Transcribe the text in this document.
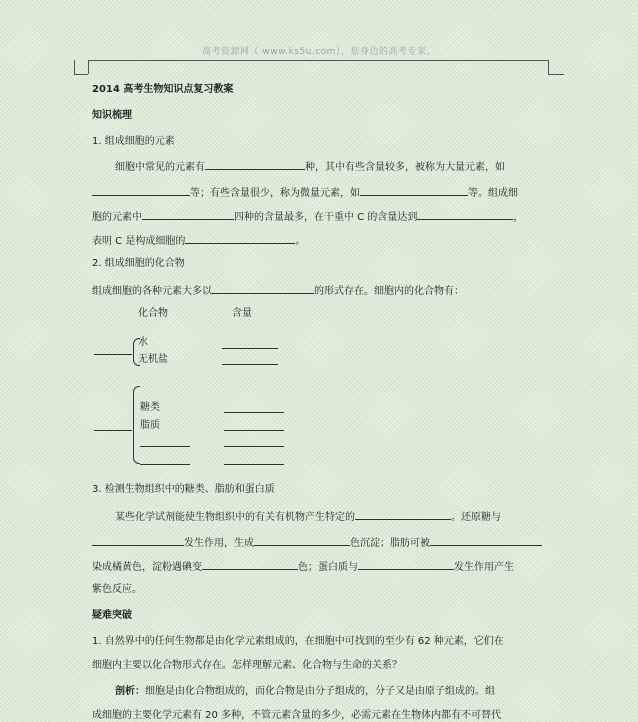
高考资源网（ www.ks5u.com），您身边的高考专家。
2014 高考生物知识点复习教案
知识梳理
1. 组成细胞的元素
细胞中常见的元素有	种，其中有些含量较多，被称为大量元素，如
等；有些含量很少，称为微量元素，如	等。组成细
胞的元素中	四种的含量最多，在干重中 C 的含量达到	，
表明 C 是构成细胞的	。
2. 组成细胞的化合物
组成细胞的各种元素大多以	的形式存在。细胞内的化合物有：
化合物	含量
水
无机盐
糖类
脂质
3. 检测生物组织中的糖类、脂肪和蛋白质
某些化学试剂能使生物组织中的有关有机物产生特定的	。还原糖与
发生作用，生成	色沉淀；脂肪可被
染成橘黄色，淀粉遇碘变	色；蛋白质与	发生作用产生
紫色反应。
疑难突破
1. 自然界中的任何生物都是由化学元素组成的，在细胞中可找到的至少有 62 种元素，它们在
细胞内主要以化合物形式存在。怎样理解元素、化合物与生命的关系？
剖析：细胞是由化合物组成的，而化合物是由分子组成的，分子又是由原子组成的。组
成细胞的主要化学元素有 20 多种，不管元素含量的多少，必需元素在生物体内都有不可替代
